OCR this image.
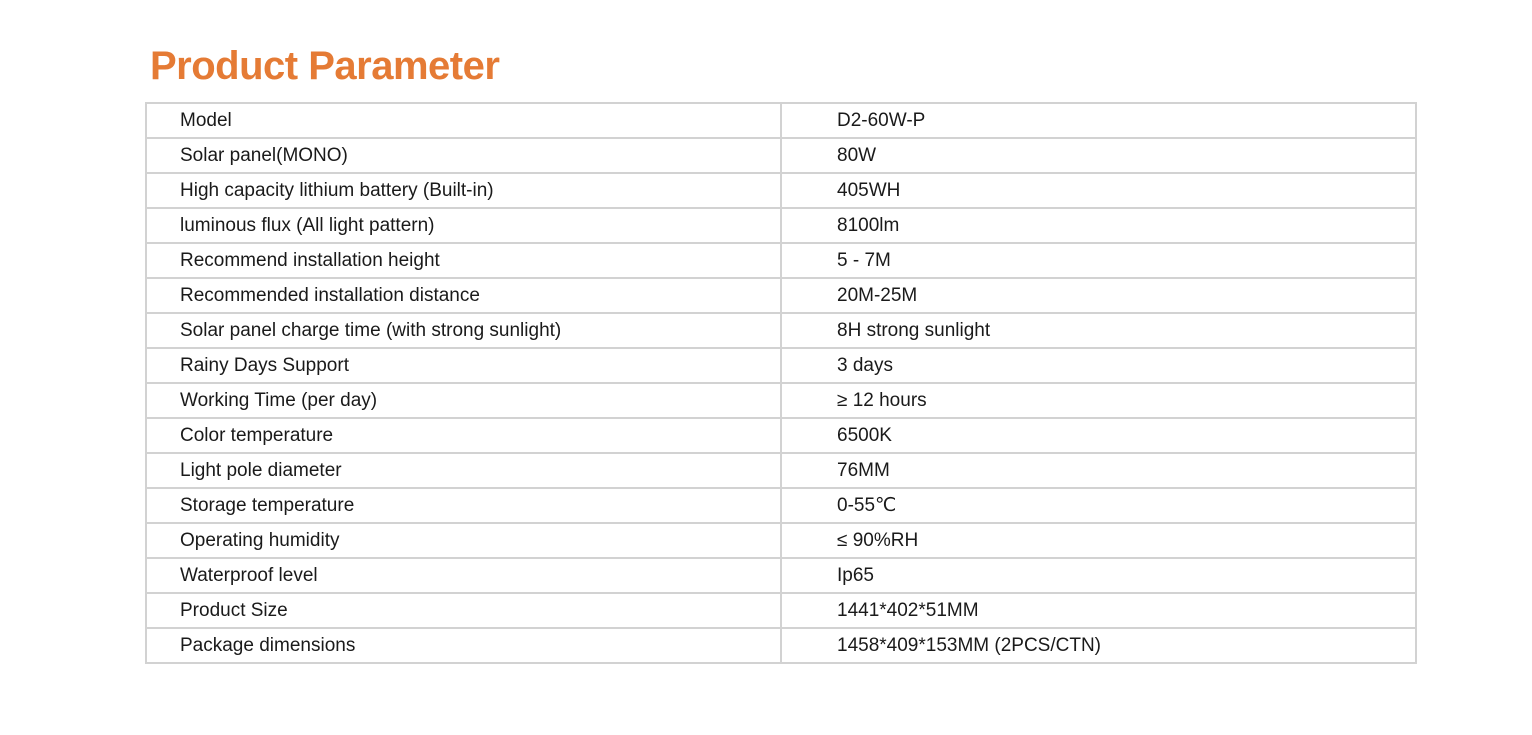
Product Parameter
Model	D2-60W-P
Solar panel(MONO)	80W
High capacity lithium battery (Built-in)	405WH
luminous flux (All light pattern)	8100lm
Recommend installation height	5 - 7M
Recommended installation distance	20M-25M
Solar panel charge time (with strong sunlight)	8H strong sunlight
Rainy Days Support	3 days
Working Time (per day)	≥ 12 hours
Color temperature	6500K
Light pole diameter	76MM
Storage temperature	0-55℃
Operating humidity	≤ 90%RH
Waterproof level	Ip65
Product Size	1441*402*51MM
Package dimensions	1458*409*153MM (2PCS/CTN)
